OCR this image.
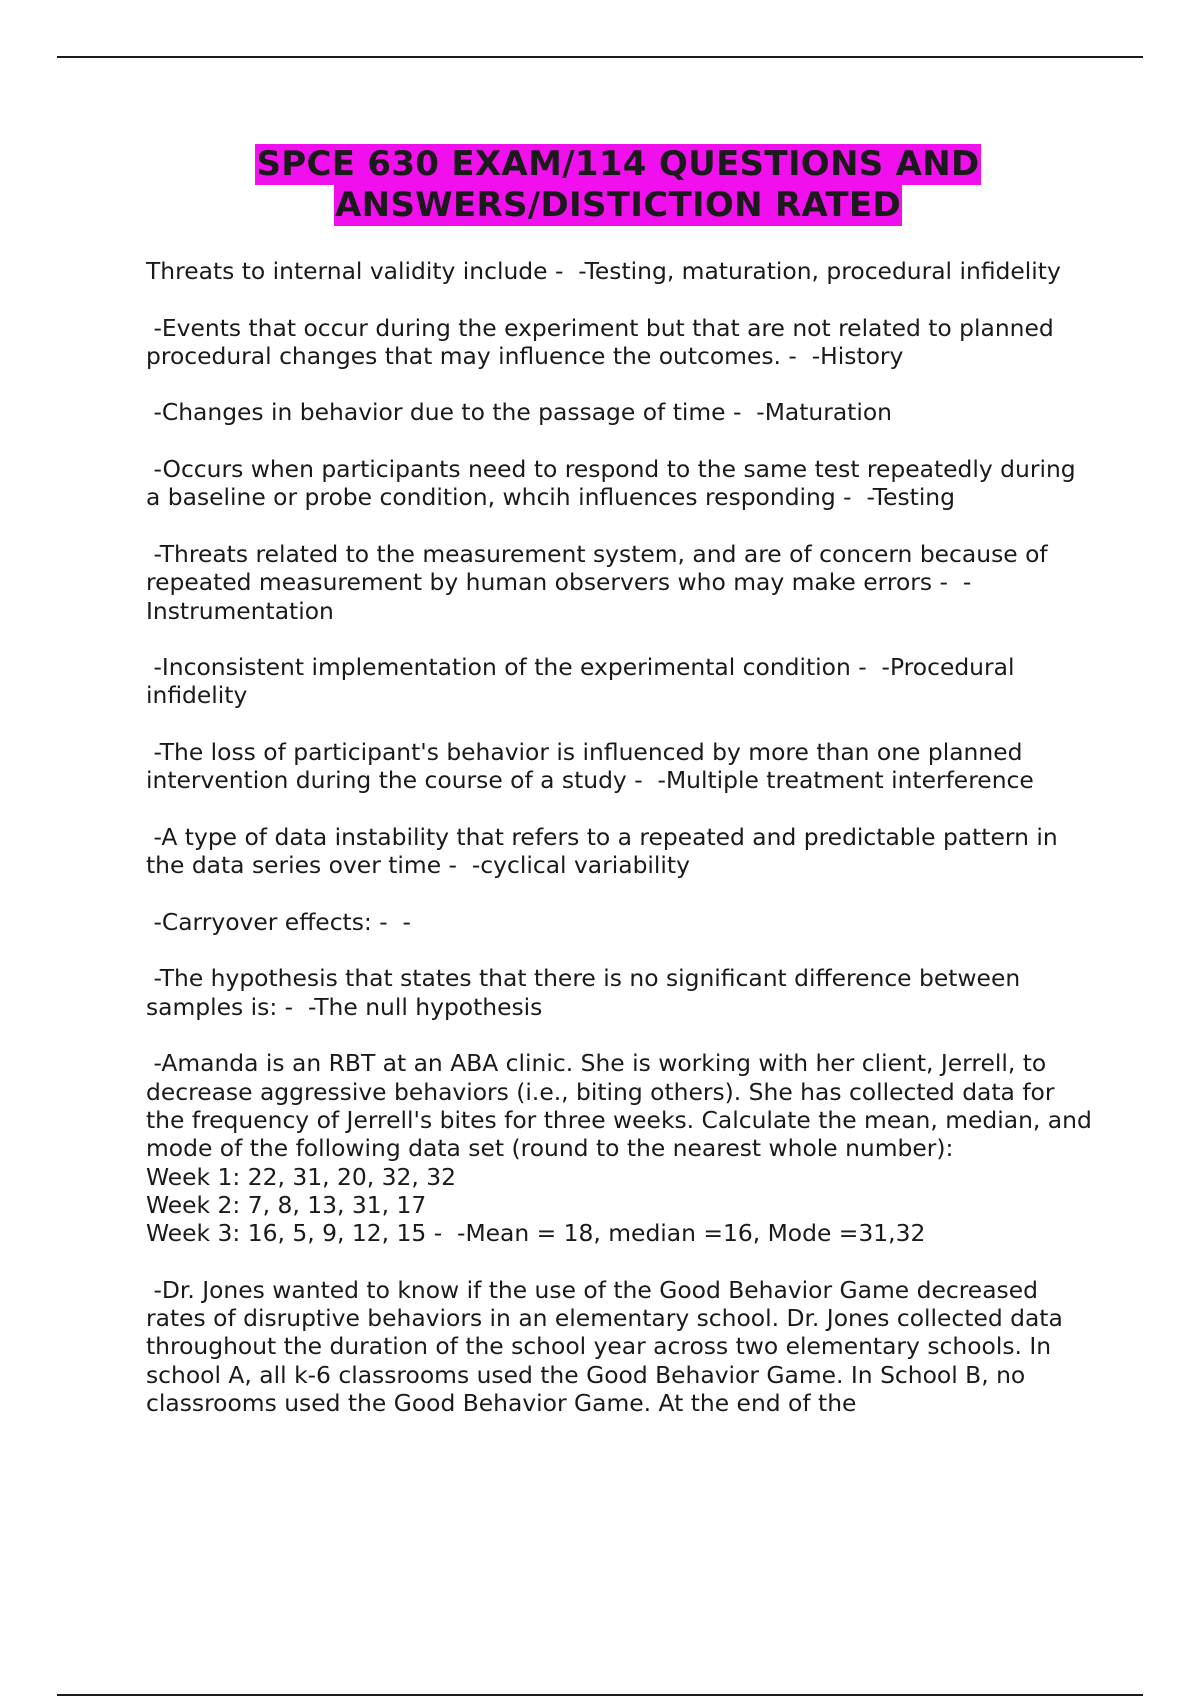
SPCE 630 EXAM/114 QUESTIONS AND
ANSWERS/DISTICTION RATED

Threats to internal validity include -  -Testing, maturation, procedural infidelity

-Events that occur during the experiment but that are not related to planned procedural changes that may influence the outcomes. -  -History

-Changes in behavior due to the passage of time -  -Maturation

-Occurs when participants need to respond to the same test repeatedly during a baseline or probe condition, whcih influences responding -  -Testing

-Threats related to the measurement system, and are of concern because of repeated measurement by human observers who may make errors -  - Instrumentation

-Inconsistent implementation of the experimental condition -  -Procedural infidelity

-The loss of participant's behavior is influenced by more than one planned intervention during the course of a study -  -Multiple treatment interference

-A type of data instability that refers to a repeated and predictable pattern in the data series over time -  -cyclical variability

-Carryover effects: -  -

-The hypothesis that states that there is no significant difference between samples is: -  -The null hypothesis

-Amanda is an RBT at an ABA clinic. She is working with her client, Jerrell, to decrease aggressive behaviors (i.e., biting others). She has collected data for the frequency of Jerrell's bites for three weeks. Calculate the mean, median, and mode of the following data set (round to the nearest whole number):
Week 1: 22, 31, 20, 32, 32
Week 2: 7, 8, 13, 31, 17
Week 3: 16, 5, 9, 12, 15 -  -Mean = 18, median =16, Mode =31,32

-Dr. Jones wanted to know if the use of the Good Behavior Game decreased rates of disruptive behaviors in an elementary school. Dr. Jones collected data throughout the duration of the school year across two elementary schools. In school A, all k-6 classrooms used the Good Behavior Game. In School B, no classrooms used the Good Behavior Game. At the end of the
